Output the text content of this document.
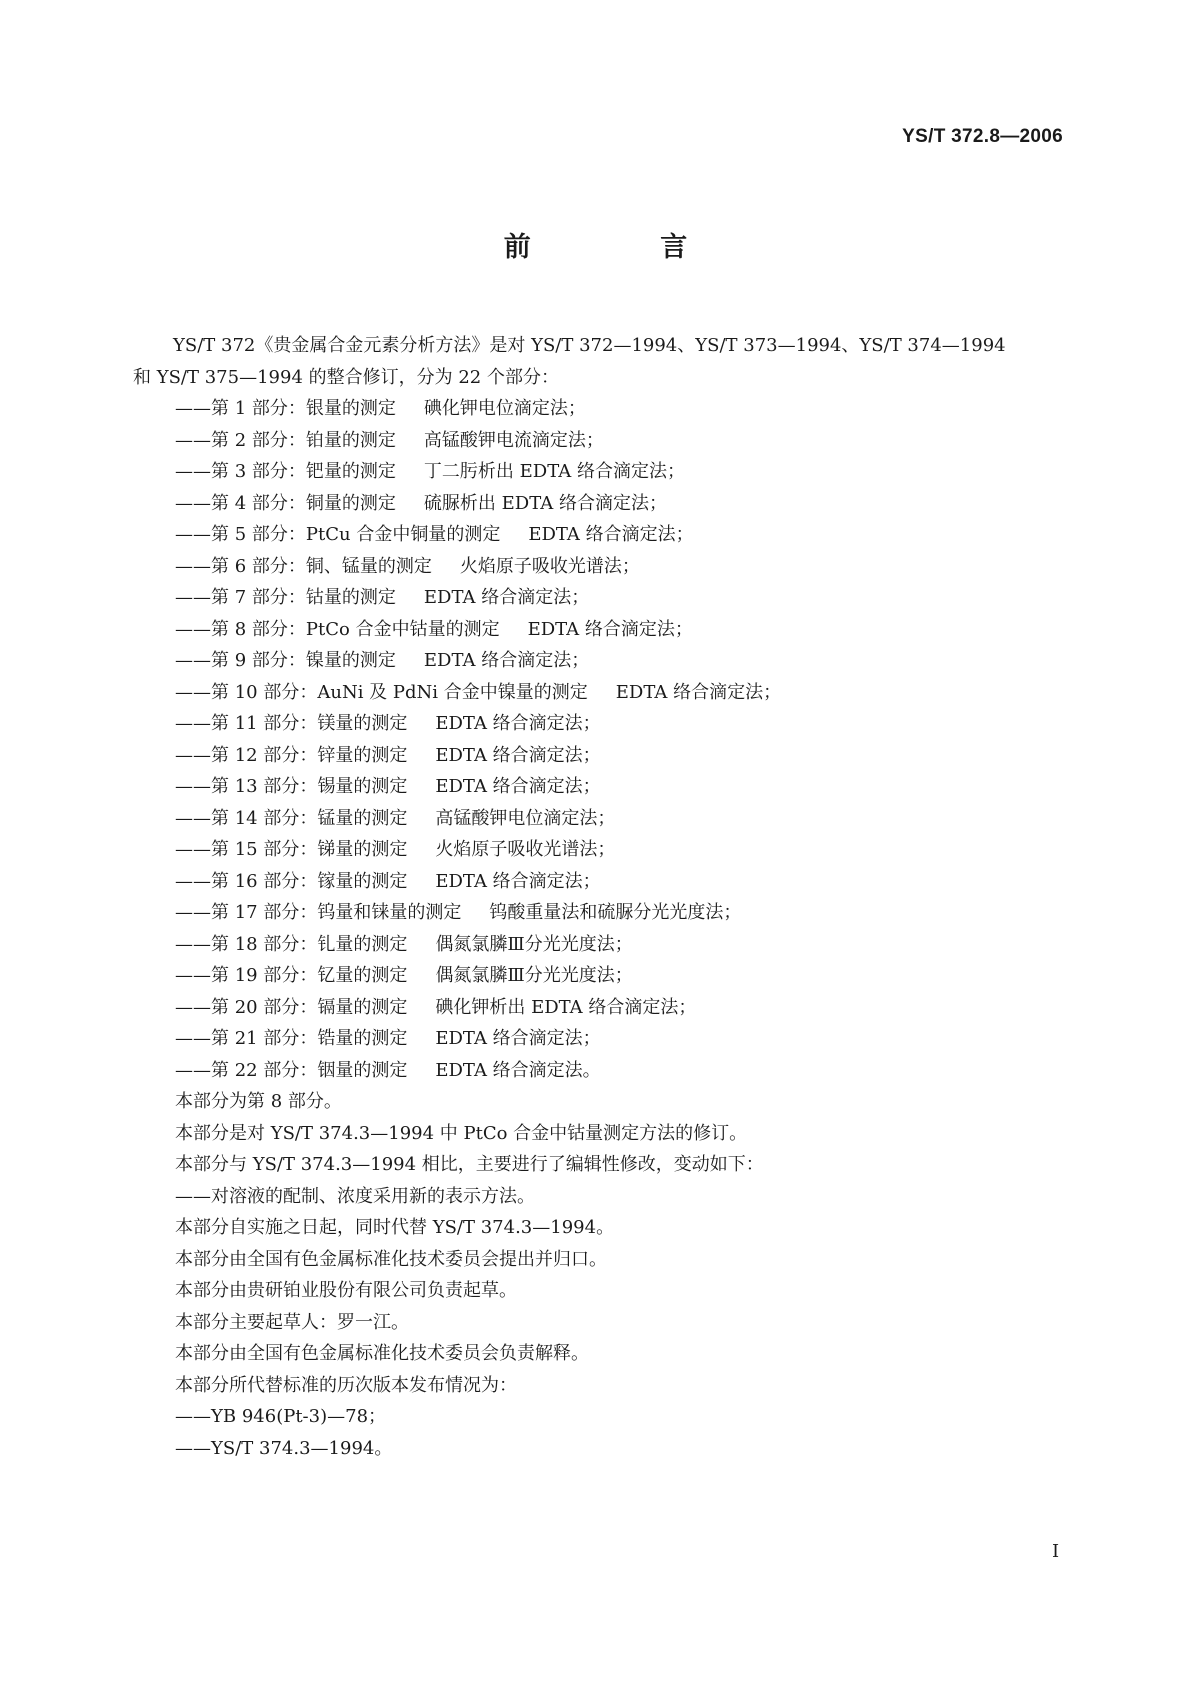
YS/T 372.8—2006
前 言
YS/T 372《贵金属合金元素分析方法》是对 YS/T 372—1994、YS/T 373—1994、YS/T 374—1994
和 YS/T 375—1994 的整合修订，分为 22 个部分：
——第 1 部分：银量的测定 碘化钾电位滴定法；
——第 2 部分：铂量的测定 高锰酸钾电流滴定法；
——第 3 部分：钯量的测定 丁二肟析出 EDTA 络合滴定法；
——第 4 部分：铜量的测定 硫脲析出 EDTA 络合滴定法；
——第 5 部分：PtCu 合金中铜量的测定 EDTA 络合滴定法；
——第 6 部分：铜、锰量的测定 火焰原子吸收光谱法；
——第 7 部分：钴量的测定 EDTA 络合滴定法；
——第 8 部分：PtCo 合金中钴量的测定 EDTA 络合滴定法；
——第 9 部分：镍量的测定 EDTA 络合滴定法；
——第 10 部分：AuNi 及 PdNi 合金中镍量的测定 EDTA 络合滴定法；
——第 11 部分：镁量的测定 EDTA 络合滴定法；
——第 12 部分：锌量的测定 EDTA 络合滴定法；
——第 13 部分：锡量的测定 EDTA 络合滴定法；
——第 14 部分：锰量的测定 高锰酸钾电位滴定法；
——第 15 部分：锑量的测定 火焰原子吸收光谱法；
——第 16 部分：镓量的测定 EDTA 络合滴定法；
——第 17 部分：钨量和铼量的测定 钨酸重量法和硫脲分光光度法；
——第 18 部分：钆量的测定 偶氮氯膦Ⅲ分光光度法；
——第 19 部分：钇量的测定 偶氮氯膦Ⅲ分光光度法；
——第 20 部分：镉量的测定 碘化钾析出 EDTA 络合滴定法；
——第 21 部分：锆量的测定 EDTA 络合滴定法；
——第 22 部分：铟量的测定 EDTA 络合滴定法。
本部分为第 8 部分。
本部分是对 YS/T 374.3—1994 中 PtCo 合金中钴量测定方法的修订。
本部分与 YS/T 374.3—1994 相比，主要进行了编辑性修改，变动如下：
——对溶液的配制、浓度采用新的表示方法。
本部分自实施之日起，同时代替 YS/T 374.3—1994。
本部分由全国有色金属标准化技术委员会提出并归口。
本部分由贵研铂业股份有限公司负责起草。
本部分主要起草人：罗一江。
本部分由全国有色金属标准化技术委员会负责解释。
本部分所代替标准的历次版本发布情况为：
——YB 946(Pt-3)—78；
——YS/T 374.3—1994。
I
